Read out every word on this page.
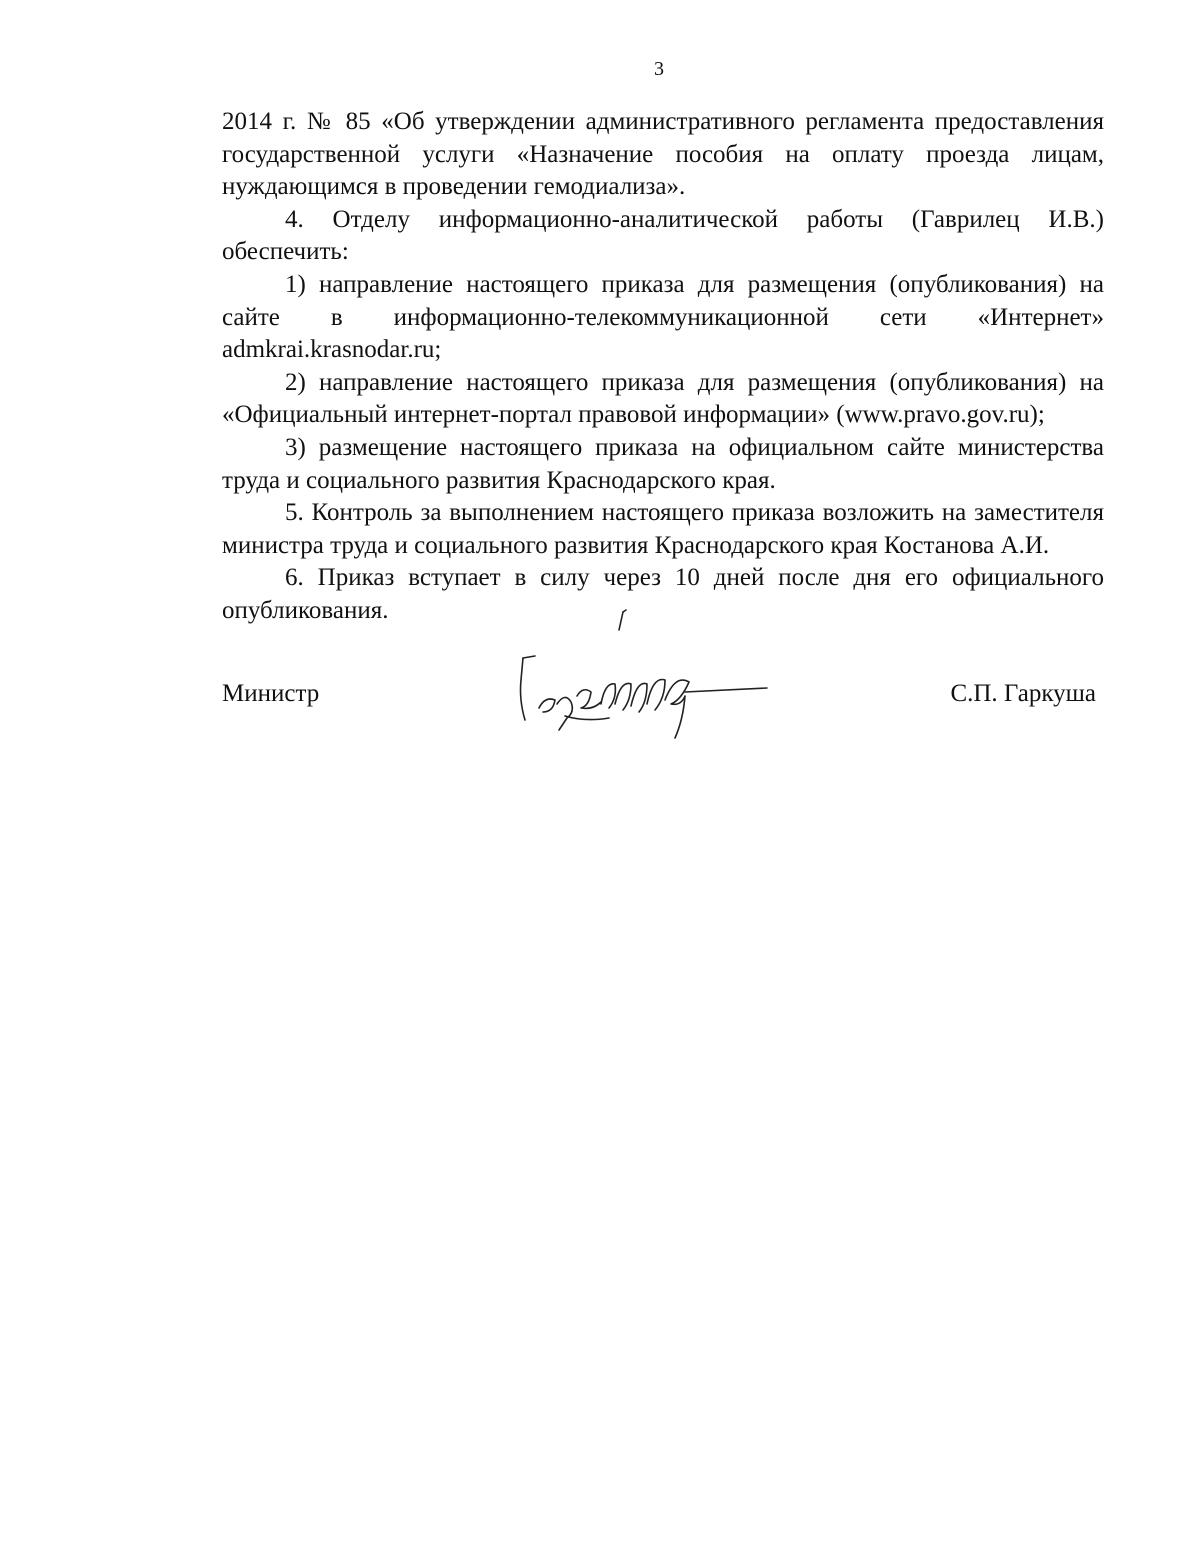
3

2014 г. № 85 «Об утверждении административного регламента предоставления государственной услуги «Назначение пособия на оплату проезда лицам, нуждающимся в проведении гемодиализа».

4. Отделу информационно-аналитической работы (Гаврилец И.В.) обеспечить:

1) направление настоящего приказа для размещения (опубликования) на сайте в информационно-телекоммуникационной сети «Интернет» admkrai.krasnodar.ru;

2) направление настоящего приказа для размещения (опубликования) на «Официальный интернет-портал правовой информации» (www.pravo.gov.ru);

3) размещение настоящего приказа на официальном сайте министерства труда и социального развития Краснодарского края.

5. Контроль за выполнением настоящего приказа возложить на заместителя министра труда и социального развития Краснодарского края Костанова А.И.

6. Приказ вступает в силу через 10 дней после дня его официального опубликования.

Министр	С.П. Гаркуша
